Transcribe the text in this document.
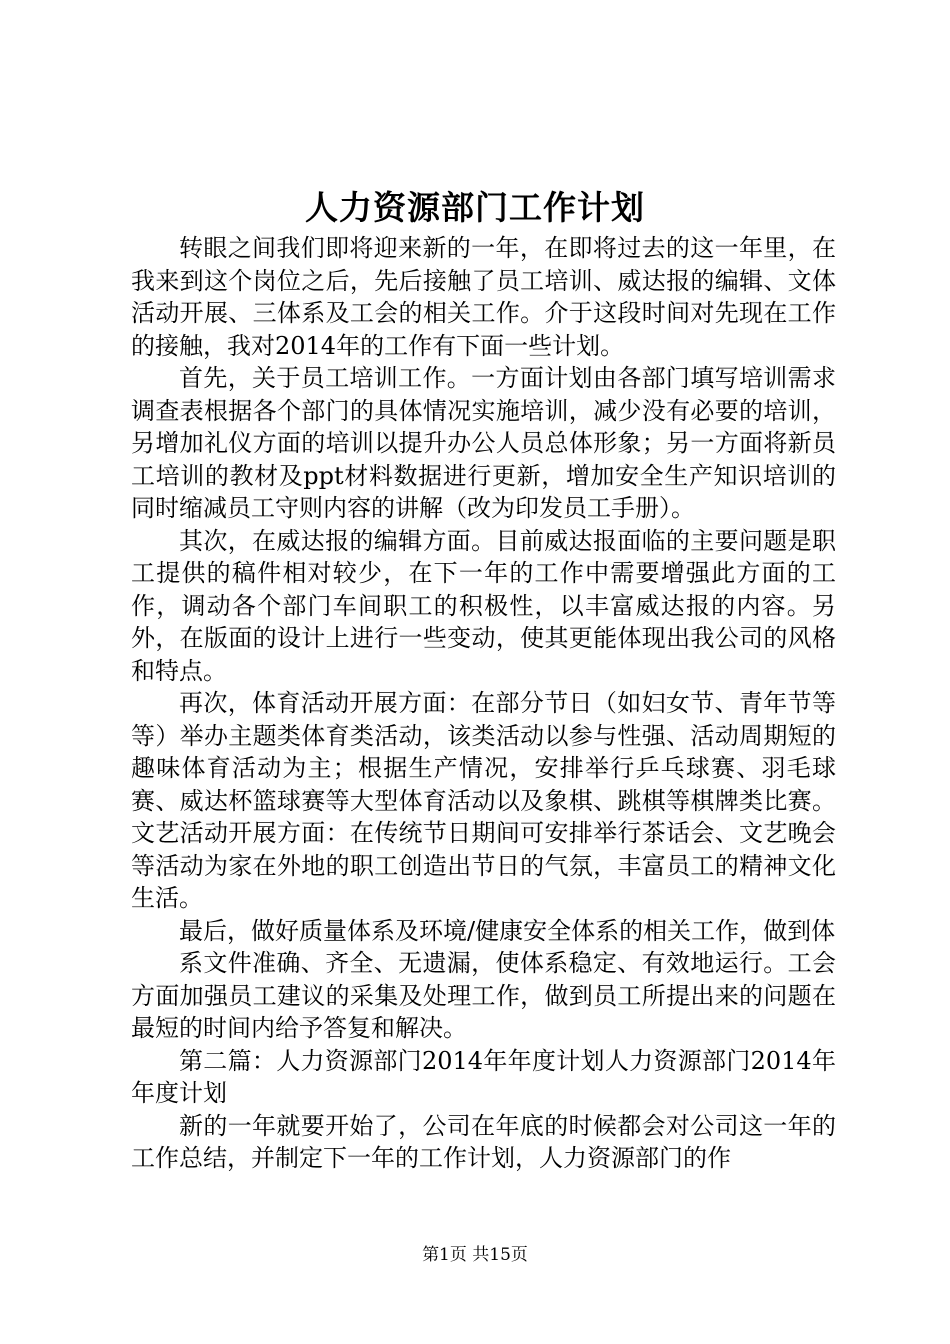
人力资源部门工作计划

转眼之间我们即将迎来新的一年，在即将过去的这一年里，在我来到这个岗位之后，先后接触了员工培训、威达报的编辑、文体活动开展、三体系及工会的相关工作。介于这段时间对先现在工作的接触，我对2014年的工作有下面一些计划。

首先，关于员工培训工作。一方面计划由各部门填写培训需求调查表根据各个部门的具体情况实施培训，减少没有必要的培训，另增加礼仪方面的培训以提升办公人员总体形象；另一方面将新员工培训的教材及ppt材料数据进行更新，增加安全生产知识培训的同时缩减员工守则内容的讲解（改为印发员工手册）。

其次，在威达报的编辑方面。目前威达报面临的主要问题是职工提供的稿件相对较少，在下一年的工作中需要增强此方面的工作，调动各个部门车间职工的积极性，以丰富威达报的内容。另外，在版面的设计上进行一些变动，使其更能体现出我公司的风格和特点。

再次，体育活动开展方面：在部分节日（如妇女节、青年节等等）举办主题类体育类活动，该类活动以参与性强、活动周期短的趣味体育活动为主；根据生产情况，安排举行乒乓球赛、羽毛球赛、威达杯篮球赛等大型体育活动以及象棋、跳棋等棋牌类比赛。文艺活动开展方面：在传统节日期间可安排举行茶话会、文艺晚会等活动为家在外地的职工创造出节日的气氛，丰富员工的精神文化生活。

最后，做好质量体系及环境/健康安全体系的相关工作，做到体

系文件准确、齐全、无遗漏，使体系稳定、有效地运行。工会方面加强员工建议的采集及处理工作，做到员工所提出来的问题在最短的时间内给予答复和解决。

第二篇：人力资源部门2014年年度计划人力资源部门2014年年度计划

新的一年就要开始了，公司在年底的时候都会对公司这一年的工作总结，并制定下一年的工作计划，人力资源部门的作

第1页 共15页
